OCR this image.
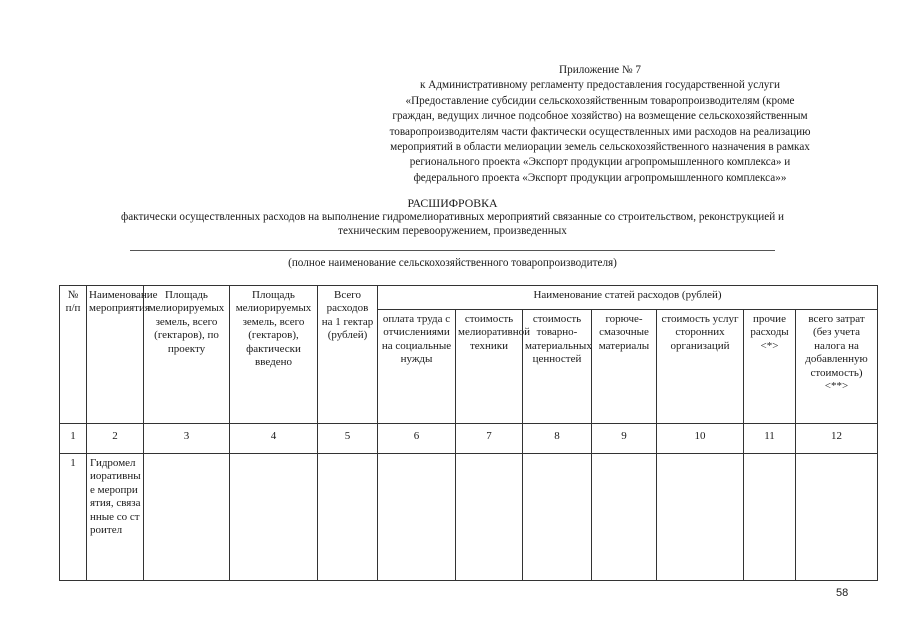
Приложение № 7
к Административному регламенту предоставления государственной услуги
«Предоставление субсидии сельскохозяйственным товаропроизводителям (кроме
граждан, ведущих личное подсобное хозяйство) на возмещение сельскохозяйственным
товаропроизводителям части фактически осуществленных ими расходов на реализацию
мероприятий в области мелиорации земель сельскохозяйственного назначения в рамках
регионального проекта «Экспорт продукции агропромышленного комплекса» и
федерального проекта «Экспорт продукции агропромышленного комплекса»»
РАСШИФРОВКА
фактически осуществленных расходов на выполнение гидромелиоративных мероприятий связанные со строительством, реконструкцией и
техническим перевооружением, произведенных
(полное наименование сельскохозяйственного товаропроизводителя)
№ п/п	Наименование мероприятия	Площадь мелиорируемых земель, всего (гектаров), по проекту	Площадь мелиорируемых земель, всего (гектаров), фактически введено	Всего расходов на 1 гектар (рублей)	Наименование статей расходов (рублей)						
					оплата труда с отчислениями на социальные нужды	стоимость мелиоративной техники	стоимость товарно-материальных ценностей	горюче-смазочные материалы	стоимость услуг сторонних организаций	прочие расходы <*>	всего затрат (без учета налога на добавленную стоимость) <**>
1	2	3	4	5	6	7	8	9	10	11	12
1	Гидромелиоративные мероприятия, связанные со строител										
58
